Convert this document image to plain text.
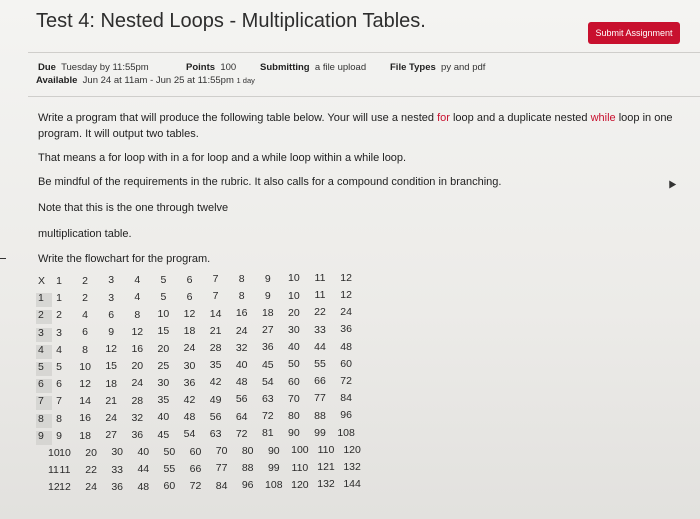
Test 4: Nested Loops - Multiplication Tables.
Submit Assignment
Due Tuesday by 11:55pm	Points 100	Submitting a file upload	File Types py and pdf
Available Jun 24 at 11am - Jun 25 at 11:55pm 1 day
Write a program that will produce the following table below. Your will use a nested for loop and a duplicate nested while loop in one
program. It will output two tables.
That means a for loop with in a for loop and a while loop within a while loop.
Be mindful of the requirements in the rubric. It also calls for a compound condition in branching.
Note that this is the one through twelve
multiplication table.
Write the flowchart for the program.
X	1	2	3	4	5	6	7	8	9	10	11	12
1	1	2	3	4	5	6	7	8	9	10	11	12
2	2	4	6	8	10	12	14	16	18	20	22	24
3	3	6	9	12	15	18	21	24	27	30	33	36
4	4	8	12	16	20	24	28	32	36	40	44	48
5	5	10	15	20	25	30	35	40	45	50	55	60
6	6	12	18	24	30	36	42	48	54	60	66	72
7	7	14	21	28	35	42	49	56	63	70	77	84
8	8	16	24	32	40	48	56	64	72	80	88	96
9	9	18	27	36	45	54	63	72	81	90	99	108
10 10	20	30	40	50	60	70	80	90	100 110 120
11 11	22	33	44	55	66	77	88	99	110 121 132
12 12	24	36	48	60	72	84	96	108 120 132 144
